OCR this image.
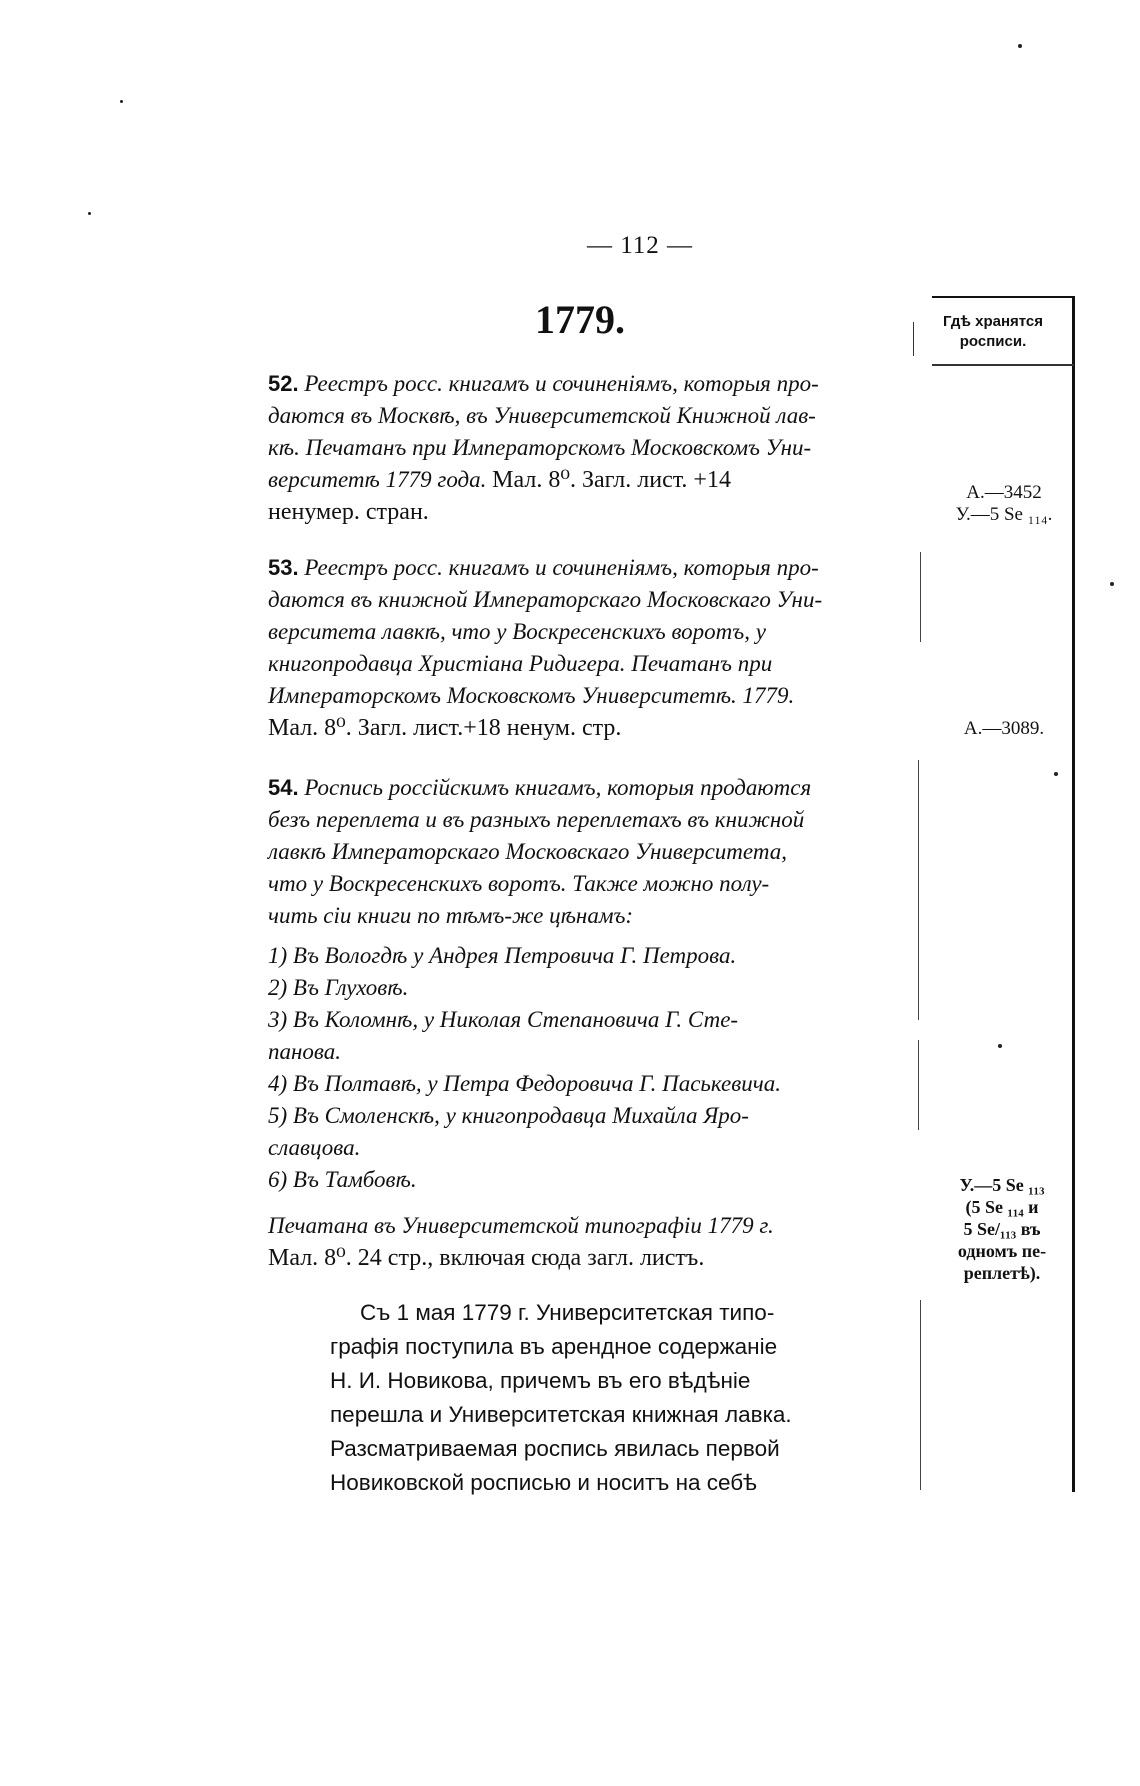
— 112 —
1779.	Гдѣ хранятся
росписи.
А.—3452
У.—5 Se ₁₁₄.
А.—3089.
У.—5 Se ₁₁₃
(5 Se ₁₁₄ и
5 Se/₁₁₃ въ
одномъ пе-
реплетѣ).
52. Реестръ росс. книгамъ и сочиненіямъ, которыя про-
даются въ Москвѣ, въ Университетской Книжной лав-
кѣ. Печатанъ при Императорскомъ Московскомъ Уни-
верситетѣ 1779 года. Мал. 8⁰. Загл. лист. +14
ненумер. стран.
53. Реестръ росс. книгамъ и сочиненіямъ, которыя про-
даются въ книжной Императорскаго Московскаго Уни-
верситета лавкѣ, что у Воскресенскихъ воротъ, у
книгопродавца Христіана Ридигера. Печатанъ при
Императорскомъ Московскомъ Университетѣ. 1779.
Мал. 8⁰. Загл. лист.+18 ненум. стр.
54. Роспись россійскимъ книгамъ, которыя продаются
безъ переплета и въ разныхъ переплетахъ въ книжной
лавкѣ Императорскаго Московскаго Университета,
что у Воскресенскихъ воротъ. Также можно полу-
чить сіи книги по тѣмъ-же цѣнамъ:
1) Въ Вологдѣ у Андрея Петровича Г. Петрова.
2) Въ Глуховѣ.
3) Въ Коломнѣ, у Николая Степановича Г. Сте-
панова.
4) Въ Полтавѣ, у Петра Федоровича Г. Паськевича.
5) Въ Смоленскѣ, у книгопродавца Михайла Яро-
славцова.
6) Въ Тамбовѣ.
Печатана въ Университетской типографіи 1779 г.
Мал. 8⁰. 24 стр., включая сюда загл. листъ.
Съ 1 мая 1779 г. Университетская типо-
графія поступила въ арендное содержаніе
Н. И. Новикова, причемъ въ его вѣдѣніе
перешла и Университетская книжная лавка.
Разсматриваемая роспись явилась первой
Новиковской росписью и носитъ на себѣ
